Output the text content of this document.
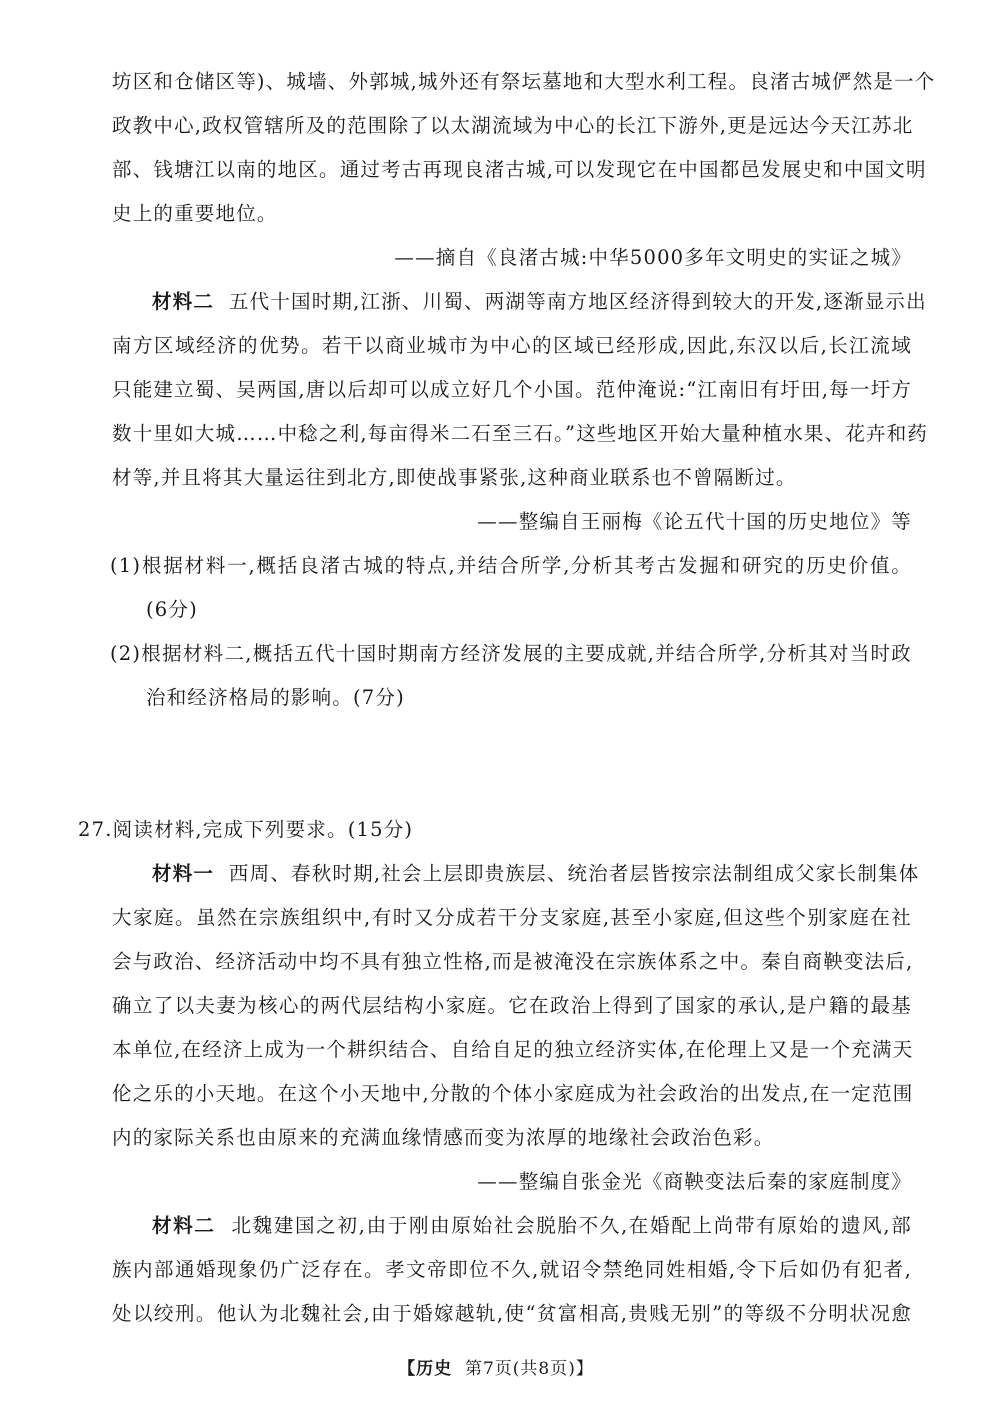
坊区和仓储区等)、城墙、外郭城,城外还有祭坛墓地和大型水利工程。良渚古城俨然是一个
政教中心,政权管辖所及的范围除了以太湖流域为中心的长江下游外,更是远达今天江苏北
部、钱塘江以南的地区。通过考古再现良渚古城,可以发现它在中国都邑发展史和中国文明
史上的重要地位。
——摘自《良渚古城:中华5000多年文明史的实证之城》
材料二 五代十国时期,江浙、川蜀、两湖等南方地区经济得到较大的开发,逐渐显示出
南方区域经济的优势。若干以商业城市为中心的区域已经形成,因此,东汉以后,长江流域
只能建立蜀、吴两国,唐以后却可以成立好几个小国。范仲淹说:“江南旧有圩田,每一圩方
数十里如大城……中稔之利,每亩得米二石至三石。”这些地区开始大量种植水果、花卉和药
材等,并且将其大量运往到北方,即使战事紧张,这种商业联系也不曾隔断过。
——整编自王丽梅《论五代十国的历史地位》等
(1)根据材料一,概括良渚古城的特点,并结合所学,分析其考古发掘和研究的历史价值。
(6分)
(2)根据材料二,概括五代十国时期南方经济发展的主要成就,并结合所学,分析其对当时政
治和经济格局的影响。(7分)
27.阅读材料,完成下列要求。(15分)
材料一 西周、春秋时期,社会上层即贵族层、统治者层皆按宗法制组成父家长制集体
大家庭。虽然在宗族组织中,有时又分成若干分支家庭,甚至小家庭,但这些个别家庭在社
会与政治、经济活动中均不具有独立性格,而是被淹没在宗族体系之中。秦自商鞅变法后,
确立了以夫妻为核心的两代层结构小家庭。它在政治上得到了国家的承认,是户籍的最基
本单位,在经济上成为一个耕织结合、自给自足的独立经济实体,在伦理上又是一个充满天
伦之乐的小天地。在这个小天地中,分散的个体小家庭成为社会政治的出发点,在一定范围
内的家际关系也由原来的充满血缘情感而变为浓厚的地缘社会政治色彩。
——整编自张金光《商鞅变法后秦的家庭制度》
材料二 北魏建国之初,由于刚由原始社会脱胎不久,在婚配上尚带有原始的遗风,部
族内部通婚现象仍广泛存在。孝文帝即位不久,就诏令禁绝同姓相婚,令下后如仍有犯者,
处以绞刑。他认为北魏社会,由于婚嫁越轨,使“贫富相高,贵贱无别”的等级不分明状况愈
【历史 第7页(共8页)】
